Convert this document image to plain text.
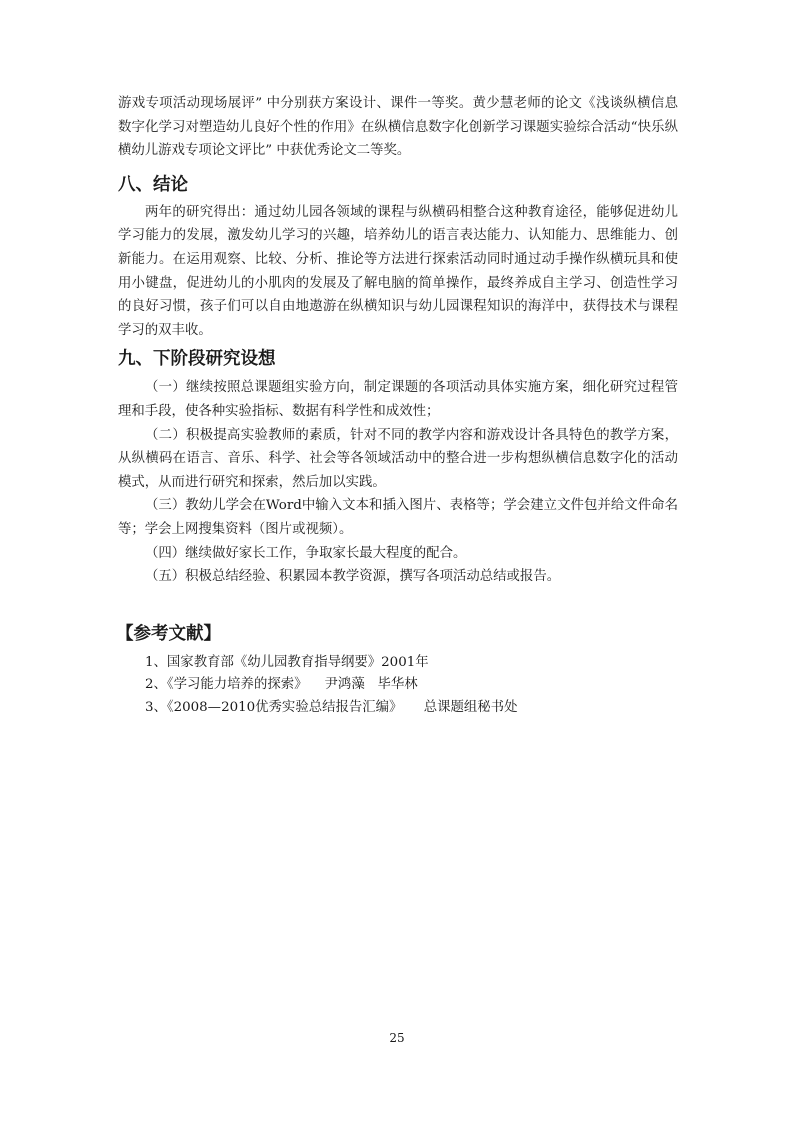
游戏专项活动现场展评” 中分别获方案设计、课件一等奖。黄少慧老师的论文《浅谈纵横信息数字化学习对塑造幼儿良好个性的作用》在纵横信息数字化创新学习课题实验综合活动“快乐纵横幼儿游戏专项论文评比” 中获优秀论文二等奖。

八、结论

两年的研究得出：通过幼儿园各领域的课程与纵横码相整合这种教育途径，能够促进幼儿学习能力的发展，激发幼儿学习的兴趣，培养幼儿的语言表达能力、认知能力、思维能力、创新能力。在运用观察、比较、分析、推论等方法进行探索活动同时通过动手操作纵横玩具和使用小键盘，促进幼儿的小肌肉的发展及了解电脑的简单操作，最终养成自主学习、创造性学习的良好习惯，孩子们可以自由地遨游在纵横知识与幼儿园课程知识的海洋中，获得技术与课程学习的双丰收。

九、下阶段研究设想

（一）继续按照总课题组实验方向，制定课题的各项活动具体实施方案，细化研究过程管理和手段，使各种实验指标、数据有科学性和成效性；

（二）积极提高实验教师的素质，针对不同的教学内容和游戏设计各具特色的教学方案，从纵横码在语言、音乐、科学、社会等各领域活动中的整合进一步构想纵横信息数字化的活动模式，从而进行研究和探索，然后加以实践。

（三）教幼儿学会在Word中输入文本和插入图片、表格等；学会建立文件包并给文件命名等；学会上网搜集资料（图片或视频）。

（四）继续做好家长工作，争取家长最大程度的配合。

（五）积极总结经验、积累园本教学资源，撰写各项活动总结或报告。

【参考文献】
1、国家教育部《幼儿园教育指导纲要》2001年
2、《学习能力培养的探索》    尹鸿藻   毕华林
3、《2008—2010优秀实验总结报告汇编》     总课题组秘书处
25
